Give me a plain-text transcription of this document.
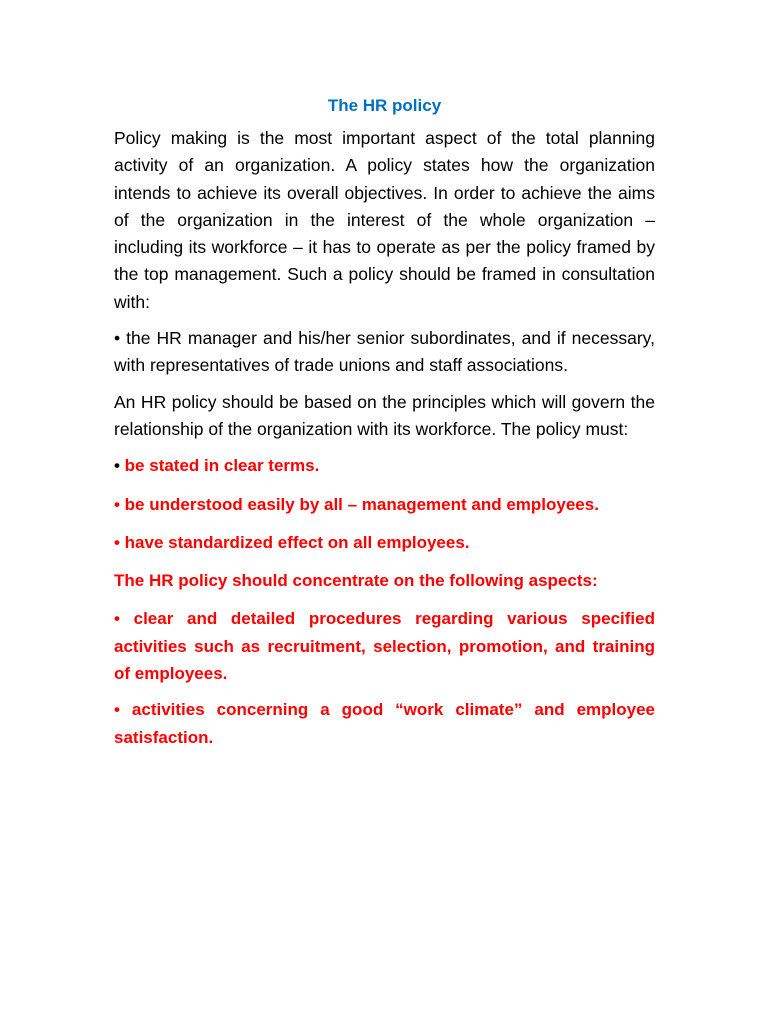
The HR policy

Policy making is the most important aspect of the total planning activity of an organization. A policy states how the organization intends to achieve its overall objectives. In order to achieve the aims of the organization in the interest of the whole organization – including its workforce – it has to operate as per the policy framed by the top management. Such a policy should be framed in consultation with:

• the HR manager and his/her senior subordinates, and if necessary, with representatives of trade unions and staff associations.

An HR policy should be based on the principles which will govern the relationship of the organization with its workforce. The policy must:

• be stated in clear terms.

• be understood easily by all – management and employees.

• have standardized effect on all employees.

The HR policy should concentrate on the following aspects:

• clear and detailed procedures regarding various specified activities such as recruitment, selection, promotion, and training of employees.

• activities concerning a good “work climate” and employee satisfaction.
